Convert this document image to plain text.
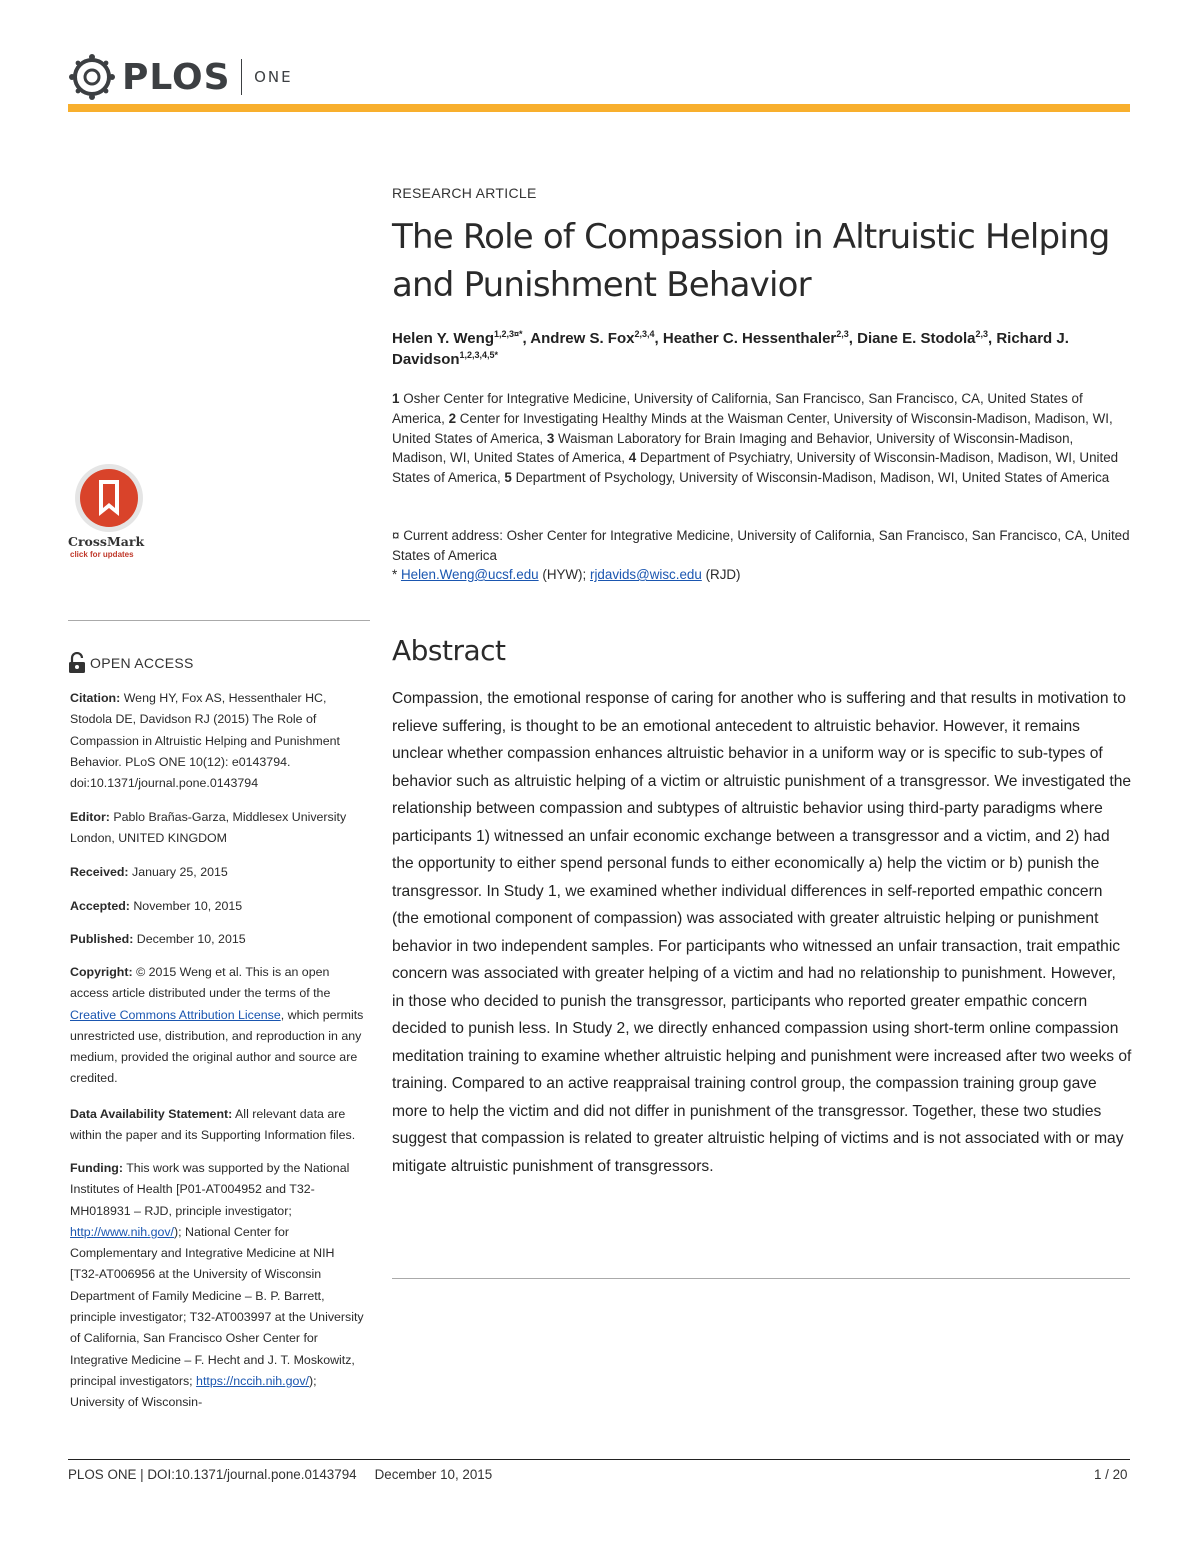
PLOS ONE
RESEARCH ARTICLE
The Role of Compassion in Altruistic Helping and Punishment Behavior
Helen Y. Weng$^{1,2,3¤*}$, Andrew S. Fox$^{2,3,4}$, Heather C. Hessenthaler$^{2,3}$, Diane E. Stodola$^{2,3}$, Richard J. Davidson$^{1,2,3,4,5*}$
1 Osher Center for Integrative Medicine, University of California, San Francisco, San Francisco, CA, United States of America, 2 Center for Investigating Healthy Minds at the Waisman Center, University of Wisconsin-Madison, Madison, WI, United States of America, 3 Waisman Laboratory for Brain Imaging and Behavior, University of Wisconsin-Madison, Madison, WI, United States of America, 4 Department of Psychiatry, University of Wisconsin-Madison, Madison, WI, United States of America, 5 Department of Psychology, University of Wisconsin-Madison, Madison, WI, United States of America
¤ Current address: Osher Center for Integrative Medicine, University of California, San Francisco, San Francisco, CA, United States of America
* Helen.Weng@ucsf.edu (HYW); rjdavids@wisc.edu (RJD)
Abstract
Compassion, the emotional response of caring for another who is suffering and that results in motivation to relieve suffering, is thought to be an emotional antecedent to altruistic behavior. However, it remains unclear whether compassion enhances altruistic behavior in a uniform way or is specific to sub-types of behavior such as altruistic helping of a victim or altruistic punishment of a transgressor. We investigated the relationship between compassion and subtypes of altruistic behavior using third-party paradigms where participants 1) witnessed an unfair economic exchange between a transgressor and a victim, and 2) had the opportunity to either spend personal funds to either economically a) help the victim or b) punish the transgressor. In Study 1, we examined whether individual differences in self-reported empathic concern (the emotional component of compassion) was associated with greater altruistic helping or punishment behavior in two independent samples. For participants who witnessed an unfair transaction, trait empathic concern was associated with greater helping of a victim and had no relationship to punishment. However, in those who decided to punish the transgressor, participants who reported greater empathic concern decided to punish less. In Study 2, we directly enhanced compassion using short-term online compassion meditation training to examine whether altruistic helping and punishment were increased after two weeks of training. Compared to an active reappraisal training control group, the compassion training group gave more to help the victim and did not differ in punishment of the transgressor. Together, these two studies suggest that compassion is related to greater altruistic helping of victims and is not associated with or may mitigate altruistic punishment of transgressors.
CrossMark
click for updates
OPEN ACCESS
Citation: Weng HY, Fox AS, Hessenthaler HC, Stodola DE, Davidson RJ (2015) The Role of Compassion in Altruistic Helping and Punishment Behavior. PLoS ONE 10(12): e0143794. doi:10.1371/journal.pone.0143794
Editor: Pablo Brañas-Garza, Middlesex University London, UNITED KINGDOM
Received: January 25, 2015
Accepted: November 10, 2015
Published: December 10, 2015
Copyright: © 2015 Weng et al. This is an open access article distributed under the terms of the Creative Commons Attribution License, which permits unrestricted use, distribution, and reproduction in any medium, provided the original author and source are credited.
Data Availability Statement: All relevant data are within the paper and its Supporting Information files.
Funding: This work was supported by the National Institutes of Health [P01-AT004952 and T32-MH018931 – RJD, principle investigator; http://www.nih.gov/); National Center for Complementary and Integrative Medicine at NIH [T32-AT006956 at the University of Wisconsin Department of Family Medicine – B. P. Barrett, principle investigator; T32-AT003997 at the University of California, San Francisco Osher Center for Integrative Medicine – F. Hecht and J. T. Moskowitz, principal investigators; https://nccih.nih.gov/); University of Wisconsin-
PLOS ONE | DOI:10.1371/journal.pone.0143794 December 10, 2015	1 / 20
